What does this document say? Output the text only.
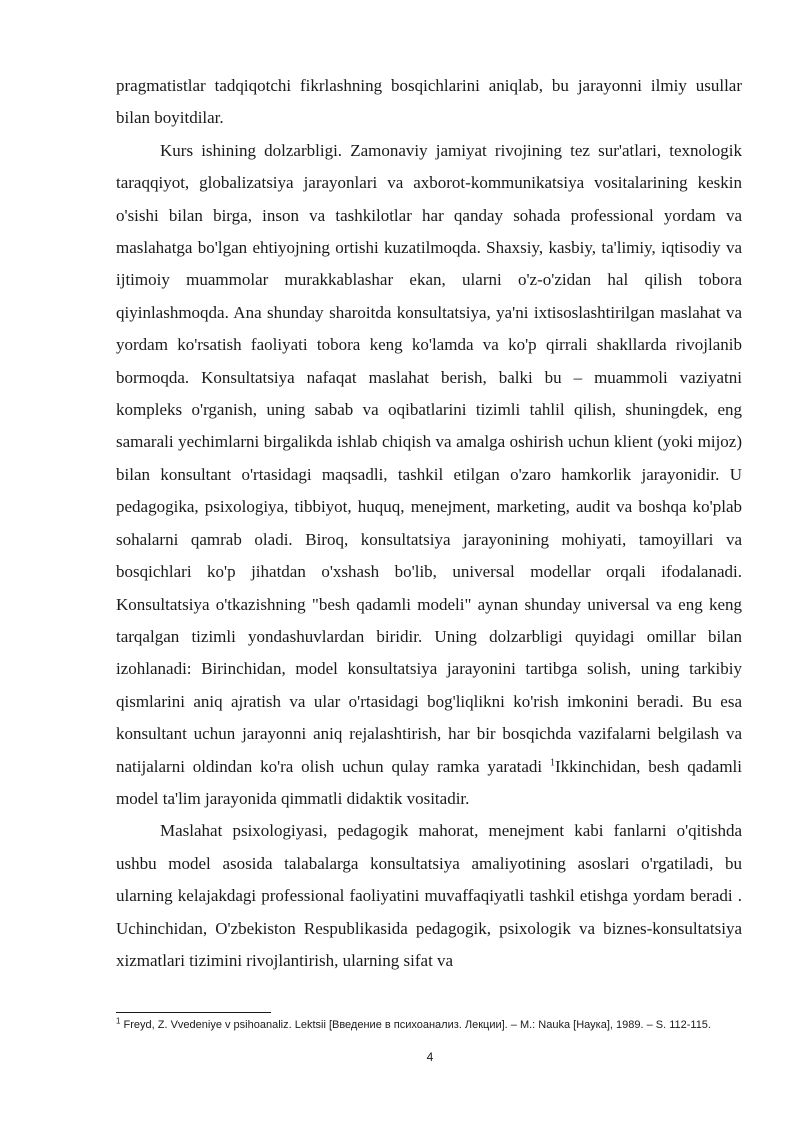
pragmatistlar tadqiqotchi fikrlashning bosqichlarini aniqlab, bu jarayonni ilmiy usullar bilan boyitdilar.

Kurs ishining dolzarbligi. Zamonaviy jamiyat rivojining tez sur'atlari, texnologik taraqqiyot, globalizatsiya jarayonlari va axborot-kommunikatsiya vositalarining keskin o'sishi bilan birga, inson va tashkilotlar har qanday sohada professional yordam va maslahatga bo'lgan ehtiyojning ortishi kuzatilmoqda. Shaxsiy, kasbiy, ta'limiy, iqtisodiy va ijtimoiy muammolar murakkablashar ekan, ularni o'z-o'zidan hal qilish tobora qiyinlashmoqda. Ana shunday sharoitda konsultatsiya, ya'ni ixtisoslashtirilgan maslahat va yordam ko'rsatish faoliyati tobora keng ko'lamda va ko'p qirrali shakllarda rivojlanib bormoqda. Konsultatsiya nafaqat maslahat berish, balki bu – muammoli vaziyatni kompleks o'rganish, uning sabab va oqibatlarini tizimli tahlil qilish, shuningdek, eng samarali yechimlarni birgalikda ishlab chiqish va amalga oshirish uchun klient (yoki mijoz) bilan konsultant o'rtasidagi maqsadli, tashkil etilgan o'zaro hamkorlik jarayonidir. U pedagogika, psixologiya, tibbiyot, huquq, menejment, marketing, audit va boshqa ko'plab sohalarni qamrab oladi. Biroq, konsultatsiya jarayonining mohiyati, tamoyillari va bosqichlari ko'p jihatdan o'xshash bo'lib, universal modellar orqali ifodalanadi. Konsultatsiya o'tkazishning "besh qadamli modeli" aynan shunday universal va eng keng tarqalgan tizimli yondashuvlardan biridir. Uning dolzarbligi quyidagi omillar bilan izohlanadi: Birinchidan, model konsultatsiya jarayonini tartibga solish, uning tarkibiy qismlarini aniq ajratish va ular o'rtasidagi bog'liqlikni ko'rish imkonini beradi. Bu esa konsultant uchun jarayonni aniq rejalashtirish, har bir bosqichda vazifalarni belgilash va natijalarni oldindan ko'ra olish uchun qulay ramka yaratadi $^1$Ikkinchidan, besh qadamli model ta'lim jarayonida qimmatli didaktik vositadir.

Maslahat psixologiyasi, pedagogik mahorat, menejment kabi fanlarni o'qitishda ushbu model asosida talabalarga konsultatsiya amaliyotining asoslari o'rgatiladi, bu ularning kelajakdagi professional faoliyatini muvaffaqiyatli tashkil etishga yordam beradi . Uchinchidan, O'zbekiston Respublikasida pedagogik, psixologik va biznes-konsultatsiya xizmatlari tizimini rivojlantirish, ularning sifat va

$^1$ Freyd, Z. Vvedeniye v psihoanaliz. Lektsii [Введение в психоанализ. Лекции]. – M.: Nauka [Наука], 1989. – S. 112-115.
4
